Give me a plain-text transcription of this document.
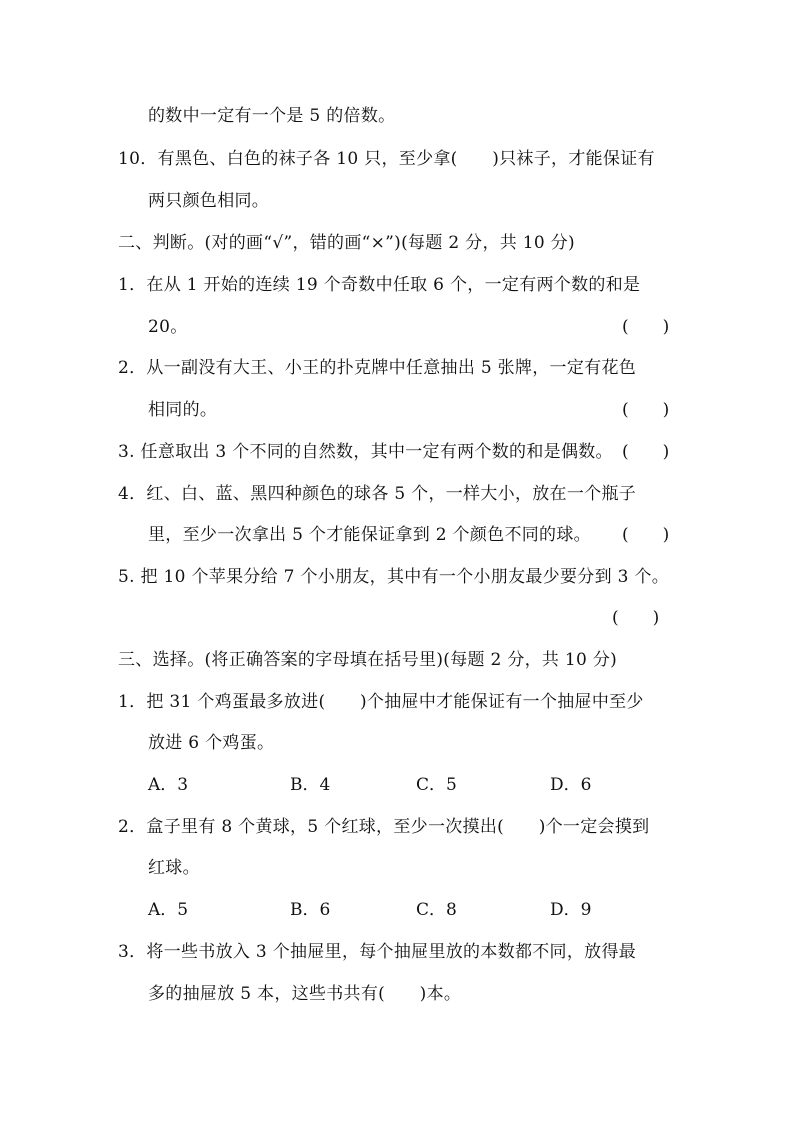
的数中一定有一个是 5 的倍数。
10．有黑色、白色的袜子各 10 只，至少拿(　　)只袜子，才能保证有
两只颜色相同。
二、判断。(对的画“√”，错的画“×”)(每题 2 分，共 10 分)
1．在从 1 开始的连续 19 个奇数中任取 6 个，一定有两个数的和是
20。	(　　)
2．从一副没有大王、小王的扑克牌中任意抽出 5 张牌，一定有花色
相同的。	(　　)
3. 任意取出 3 个不同的自然数，其中一定有两个数的和是偶数。 (　　)
4．红、白、蓝、黑四种颜色的球各 5 个，一样大小，放在一个瓶子
里，至少一次拿出 5 个才能保证拿到 2 个颜色不同的球。 (　　)
5. 把 10 个苹果分给 7 个小朋友，其中有一个小朋友最少要分到 3 个。
(　　)
三、选择。(将正确答案的字母填在括号里)(每题 2 分，共 10 分)
1．把 31 个鸡蛋最多放进(　　)个抽屉中才能保证有一个抽屉中至少
放进 6 个鸡蛋。
A．3	B．4	C．5	D．6
2．盒子里有 8 个黄球，5 个红球，至少一次摸出(　　)个一定会摸到
红球。
A．5	B．6	C．8	D．9
3．将一些书放入 3 个抽屉里，每个抽屉里放的本数都不同，放得最
多的抽屉放 5 本，这些书共有(　　)本。
